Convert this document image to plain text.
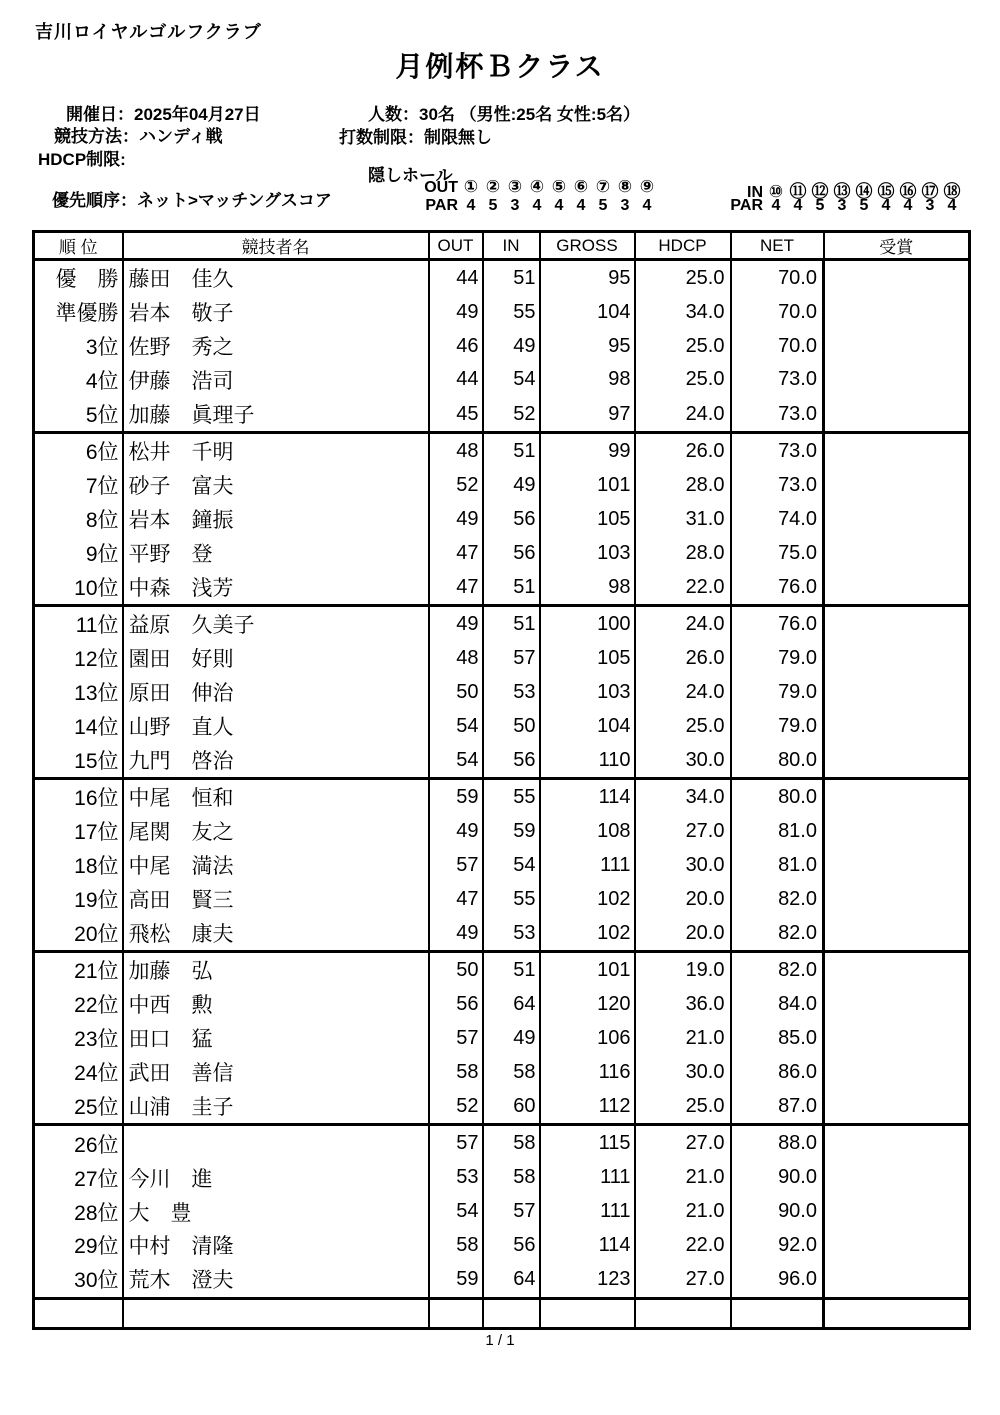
吉川ロイヤルゴルフクラブ
月例杯Ｂクラス
開催日： 2025年04月27日	人数： 30名 （男性:25名 女性:5名）
競技方法： ハンディ戦	打数制限： 制限無し
HDCP制限:
優先順序： ネット>マッチングスコア
隠しホール
OUT ① ② ③ ④ ⑤ ⑥ ⑦ ⑧ ⑨
PAR 4 5 3 4 4 4 5 3 4
IN ⑩ ⑪ ⑫ ⑬ ⑭ ⑮ ⑯ ⑰ ⑱
PAR 4 4 5 3 5 4 4 3 4
順 位	競技者名	OUT	IN	GROSS	HDCP	NET	受賞
優　勝	藤田　佳久	44	51	95	25.0	70.0	
準優勝	岩本　敬子	49	55	104	34.0	70.0	
3位	佐野　秀之	46	49	95	25.0	70.0	
4位	伊藤　浩司	44	54	98	25.0	73.0	
5位	加藤　眞理子	45	52	97	24.0	73.0	
6位	松井　千明	48	51	99	26.0	73.0	
7位	砂子　富夫	52	49	101	28.0	73.0	
8位	岩本　鐘振	49	56	105	31.0	74.0	
9位	平野　登	47	56	103	28.0	75.0	
10位	中森　浅芳	47	51	98	22.0	76.0	
11位	益原　久美子	49	51	100	24.0	76.0	
12位	園田　好則	48	57	105	26.0	79.0	
13位	原田　伸治	50	53	103	24.0	79.0	
14位	山野　直人	54	50	104	25.0	79.0	
15位	九門　啓治	54	56	110	30.0	80.0	
16位	中尾　恒和	59	55	114	34.0	80.0	
17位	尾関　友之	49	59	108	27.0	81.0	
18位	中尾　満法	57	54	111	30.0	81.0	
19位	高田　賢三	47	55	102	20.0	82.0	
20位	飛松　康夫	49	53	102	20.0	82.0	
21位	加藤　弘	50	51	101	19.0	82.0	
22位	中西　勲	56	64	120	36.0	84.0	
23位	田口　猛	57	49	106	21.0	85.0	
24位	武田　善信	58	58	116	30.0	86.0	
25位	山浦　圭子	52	60	112	25.0	87.0	
26位		57	58	115	27.0	88.0	
27位	今川　進	53	58	111	21.0	90.0	
28位	大　豊	54	57	111	21.0	90.0	
29位	中村　清隆	58	56	114	22.0	92.0	
30位	荒木　澄夫	59	64	123	27.0	96.0	

1 / 1
